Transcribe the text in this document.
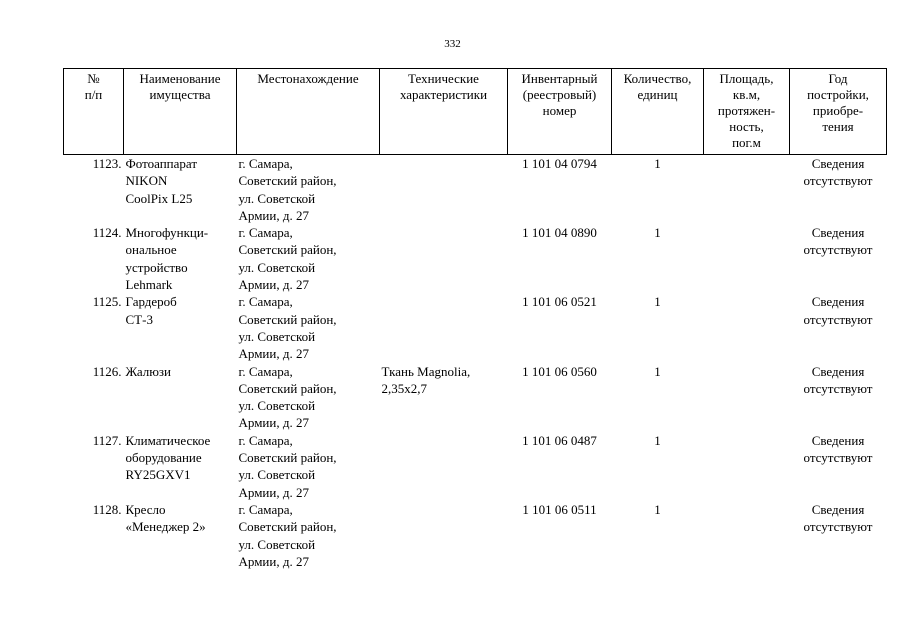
332
№
п/п	Наименование
имущества	Местонахождение	Технические
характеристики	Инвентарный
(реестровый)
номер	Количество,
единиц	Площадь,
кв.м,
протяжен-
ность,
пог.м	Год
постройки,
приобре-
тения

1123.	Фотоаппарат
NIKON
CoolPix L25	г. Самара,
Советский район,
ул. Советской
Армии, д. 27		1 101 04 0794	1		Сведения
отсутствуют

1124.	Многофункци-
ональное
устройство
Lehmark	г. Самара,
Советский район,
ул. Советской
Армии, д. 27		1 101 04 0890	1		Сведения
отсутствуют

1125.	Гардероб
СТ-3	г. Самара,
Советский район,
ул. Советской
Армии, д. 27		1 101 06 0521	1		Сведения
отсутствуют

1126.	Жалюзи	г. Самара,
Советский район,
ул. Советской
Армии, д. 27	Ткань Magnolia,
2,35х2,7	1 101 06 0560	1		Сведения
отсутствуют

1127.	Климатическое
оборудование
RY25GXV1	г. Самара,
Советский район,
ул. Советской
Армии, д. 27		1 101 06 0487	1		Сведения
отсутствуют

1128.	Кресло
«Менеджер 2»	г. Самара,
Советский район,
ул. Советской
Армии, д. 27		1 101 06 0511	1		Сведения
отсутствуют
